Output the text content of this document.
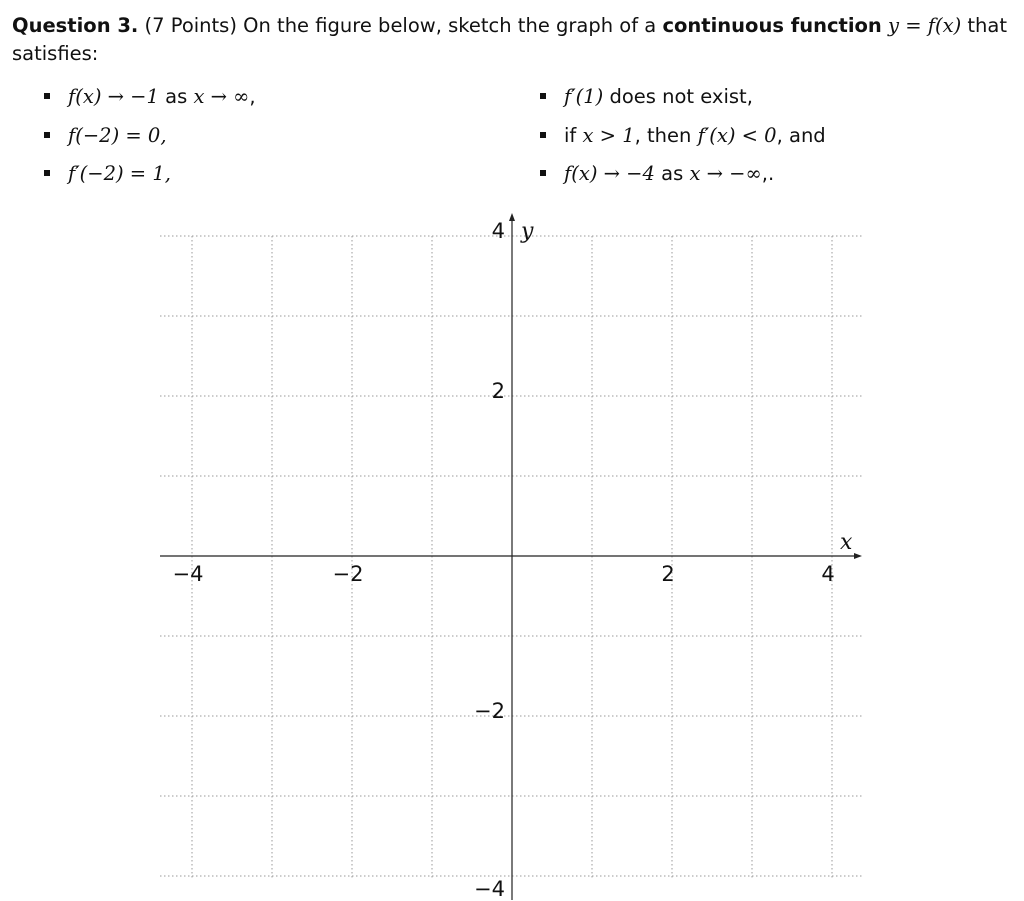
Question 3. (7 Points) On the figure below, sketch the graph of a continuous function y = f(x) that satisfies:
f(x) → −1 as x → ∞,
f(−2) = 0,
f′(−2) = 1,
f′(1) does not exist,
if x > 1, then f′(x) < 0, and
f(x) → −4 as x → −∞,.
x
y
−4	−2	2	4
4
2
−2
−4
